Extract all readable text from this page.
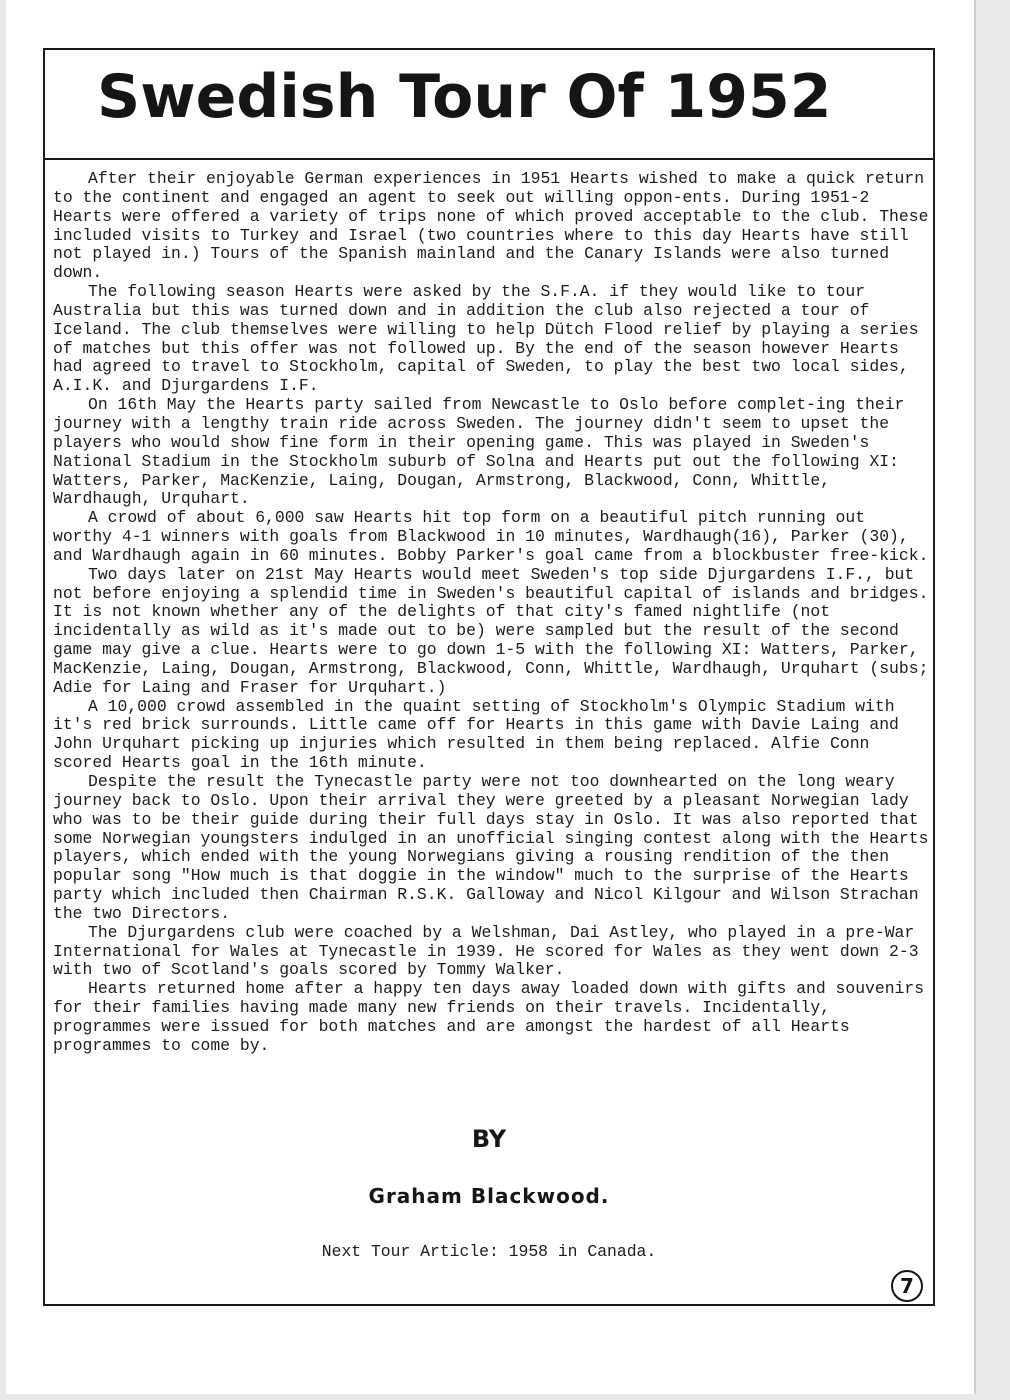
Swedish Tour Of 1952

After their enjoyable German experiences in 1951 Hearts wished to make a quick return to the continent and engaged an agent to seek out willing oppon-ents. During 1951-2 Hearts were offered a variety of trips none of which proved acceptable to the club. These included visits to Turkey and Israel (two countries where to this day Hearts have still not played in.) Tours of the Spanish mainland and the Canary Islands were also turned down.

The following season Hearts were asked by the S.F.A. if they would like to tour Australia but this was turned down and in addition the club also rejected a tour of Iceland. The club themselves were willing to help Dütch Flood relief by playing a series of matches but this offer was not followed up. By the end of the season however Hearts had agreed to travel to Stockholm, capital of Sweden, to play the best two local sides, A.I.K. and Djurgardens I.F.

On 16th May the Hearts party sailed from Newcastle to Oslo before complet-ing their journey with a lengthy train ride across Sweden. The journey didn't seem to upset the players who would show fine form in their opening game. This was played in Sweden's National Stadium in the Stockholm suburb of Solna and Hearts put out the following XI: Watters, Parker, MacKenzie, Laing, Dougan, Armstrong, Blackwood, Conn, Whittle, Wardhaugh, Urquhart.

A crowd of about 6,000 saw Hearts hit top form on a beautiful pitch running out worthy 4-1 winners with goals from Blackwood in 10 minutes, Wardhaugh(16), Parker (30), and Wardhaugh again in 60 minutes. Bobby Parker's goal came from a blockbuster free-kick.

Two days later on 21st May Hearts would meet Sweden's top side Djurgardens I.F., but not before enjoying a splendid time in Sweden's beautiful capital of islands and bridges. It is not known whether any of the delights of that city's famed nightlife (not incidentally as wild as it's made out to be) were sampled but the result of the second game may give a clue. Hearts were to go down 1-5 with the following XI: Watters, Parker, MacKenzie, Laing, Dougan, Armstrong, Blackwood, Conn, Whittle, Wardhaugh, Urquhart (subs; Adie for Laing and Fraser for Urquhart.)

A 10,000 crowd assembled in the quaint setting of Stockholm's Olympic Stadium with it's red brick surrounds. Little came off for Hearts in this game with Davie Laing and John Urquhart picking up injuries which resulted in them being replaced. Alfie Conn scored Hearts goal in the 16th minute.

Despite the result the Tynecastle party were not too downhearted on the long weary journey back to Oslo. Upon their arrival they were greeted by a pleasant Norwegian lady who was to be their guide during their full days stay in Oslo. It was also reported that some Norwegian youngsters indulged in an unofficial singing contest along with the Hearts players, which ended with the young Norwegians giving a rousing rendition of the then popular song "How much is that doggie in the window" much to the surprise of the Hearts party which included then Chairman R.S.K. Galloway and Nicol Kilgour and Wilson Strachan the two Directors.

The Djurgardens club were coached by a Welshman, Dai Astley, who played in a pre-War International for Wales at Tynecastle in 1939. He scored for Wales as they went down 2-3 with two of Scotland's goals scored by Tommy Walker.

Hearts returned home after a happy ten days away loaded down with gifts and souvenirs for their families having made many new friends on their travels. Incidentally, programmes were issued for both matches and are amongst the hardest of all Hearts programmes to come by.

BY
Graham Blackwood.
Next Tour Article: 1958 in Canada.
7
